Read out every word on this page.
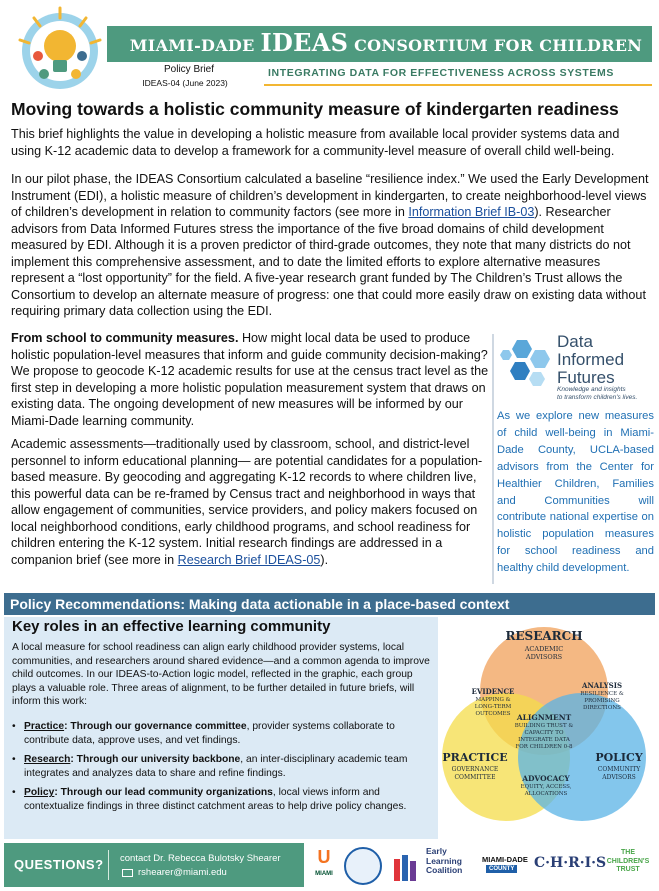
MIAMI-DADE IDEAS CONSORTIUM FOR CHILDREN
Policy Brief
IDEAS-04 (June 2023)
INTEGRATING DATA FOR EFFECTIVENESS ACROSS SYSTEMS
Moving towards a holistic community measure of kindergarten readiness
This brief highlights the value in developing a holistic measure from available local provider systems data and using K-12 academic data to develop a framework for a community-level measure of overall child well-being.
In our pilot phase, the IDEAS Consortium calculated a baseline “resilience index.” We used the Early Development Instrument (EDI), a holistic measure of children’s development in kindergarten, to create neighborhood-level views of children’s development in relation to community factors (see more in Information Brief IB-03). Researcher advisors from Data Informed Futures stress the importance of the five broad domains of child development measured by EDI. Although it is a proven predictor of third-grade outcomes, they note that many districts do not implement this comprehensive assessment, and to date the limited efforts to explore alternative measures represent a “lost opportunity” for the field. A five-year research grant funded by The Children’s Trust allows the Consortium to develop an alternate measure of progress: one that could more easily draw on existing data without requiring primary data collection using the EDI.
From school to community measures. How might local data be used to produce holistic population-level measures that inform and guide community decision-making? We propose to geocode K-12 academic results for use at the census tract level as the first step in developing a more holistic population measurement system that draws on existing data. The ongoing development of new measures will be informed by our Miami-Dade learning community.
Academic assessments—traditionally used by classroom, school, and district-level personnel to inform educational planning— are potential candidates for a population-based measure. By geocoding and aggregating K-12 records to where children live, this powerful data can be re-framed by Census tract and neighborhood in ways that allow engagement of communities, service providers, and policy makers focused on local neighborhood conditions, early childhood programs, and school readiness for children entering the K-12 system. Initial research findings are addressed in a companion brief (see more in Research Brief IDEAS-05).
Data
Informed
Futures
Knowledge and insights
to transform children's lives.
As we explore new measures of child well-being in Miami-Dade County, UCLA-based advisors from the Center for Healthier Children, Families and Communities will contribute national expertise on holistic population measures for school readiness and healthy child development.
Policy Recommendations: Making data actionable in a place-based context
Key roles in an effective learning community
A local measure for school readiness can align early childhood provider systems, local communities, and researchers around shared evidence—and a common agenda to improve child outcomes. In our IDEAS-to-Action logic model, reflected in the graphic, each group plays a valuable role. Three areas of alignment, to be further detailed in future briefs, will inform this work:
• Practice: Through our governance committee, provider systems collaborate to contribute data, approve uses, and vet findings.
• Research: Through our university backbone, an inter-disciplinary academic team integrates and analyzes data to share and refine findings.
• Policy: Through our lead community organizations, local views inform and contextualize findings in three distinct catchment areas to help drive policy changes.
RESEARCH
ACADEMIC
ADVISORS
EVIDENCE
MAPPING &
LONG-TERM
OUTCOMES
ANALYSIS
RESILIENCE &
PROMISING
DIRECTIONS
ALIGNMENT
BUILDING TRUST &
CAPACITY TO
INTEGRATE DATA
FOR CHILDREN 0-8
PRACTICE
GOVERNANCE
COMMITTEE	ADVOCACY
EQUITY, ACCESS,
ALLOCATIONS
POLICY
COMMUNITY
ADVISORS
QUESTIONS? contact Dr. Rebecca Bulotsky Shearer
rshearer@miami.edu
U
MIAMI
Early
Learning
Coalition
MIAMI-DADE
COUNTY C·H·R·I·S
THE
CHILDREN'S
TRUST
